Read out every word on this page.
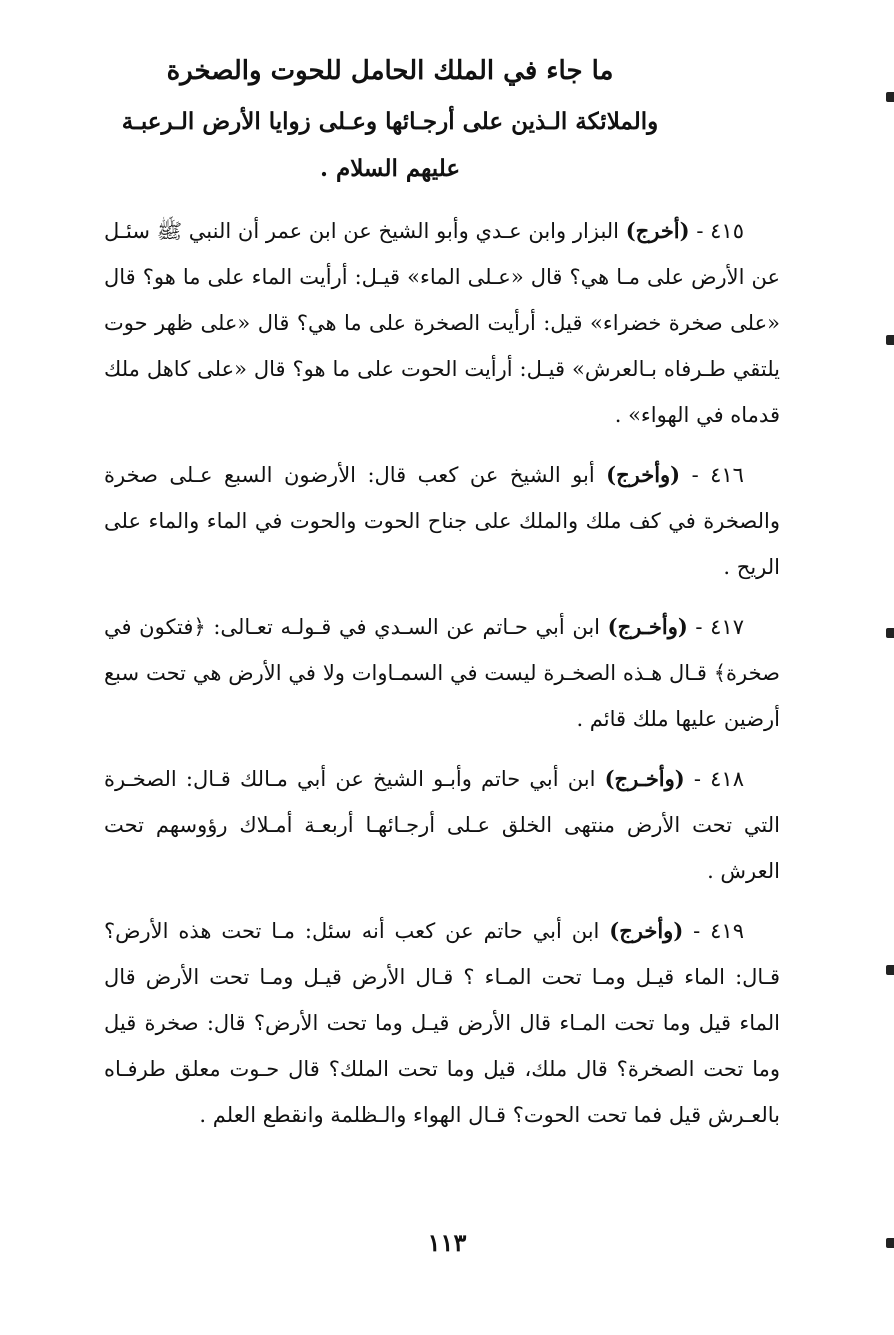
ما جاء في الملك الحامل للحوت والصخرة
والملائكة الـذين على أرجـائها وعـلى زوايا الأرض الـرعبـة
عليهم السلام .

٤١٥ - (أخرج) البزار وابن عـدي وأبو الشيخ عن ابن عمر أن النبي ﷺ سئـل عن الأرض على مـا هي؟ قال «عـلى الماء» قيـل: أرأيت الماء على ما هو؟ قال «على صخرة خضراء» قيل: أرأيت الصخرة على ما هي؟ قال «على ظهر حوت يلتقي طـرفاه بـالعرش» قيـل: أرأيت الحوت على ما هو؟ قال «على كاهل ملك قدماه في الهواء» .

٤١٦ - (وأخرج) أبو الشيخ عن كعب قال: الأرضون السبع عـلى صخرة والصخرة في كف ملك والملك على جناح الحوت والحوت في الماء والماء على الريح .

٤١٧ - (وأخـرج) ابن أبي حـاتم عن السـدي في قـولـه تعـالى: ﴿فتكون في صخرة﴾ قـال هـذه الصخـرة ليست في السمـاوات ولا في الأرض هي تحت سبع أرضين عليها ملك قائم .

٤١٨ - (وأخـرج) ابن أبي حاتم وأبـو الشيخ عن أبي مـالك قـال: الصخـرة التي تحت الأرض منتهى الخلق عـلى أرجـائهـا أربعـة أمـلاك رؤوسهم تحت العرش .

٤١٩ - (وأخرج) ابن أبي حاتم عن كعب أنه سئل: مـا تحت هذه الأرض؟ قـال: الماء قيـل ومـا تحت المـاء ؟ قـال الأرض قيـل ومـا تحت الأرض قال الماء قيل وما تحت المـاء قال الأرض قيـل وما تحت الأرض؟ قال: صخرة قيل وما تحت الصخرة؟ قال ملك، قيل وما تحت الملك؟ قال حـوت معلق طرفـاه بالعـرش قيل فما تحت الحوت؟ قـال الهواء والـظلمة وانقطع العلم .

١١٣
